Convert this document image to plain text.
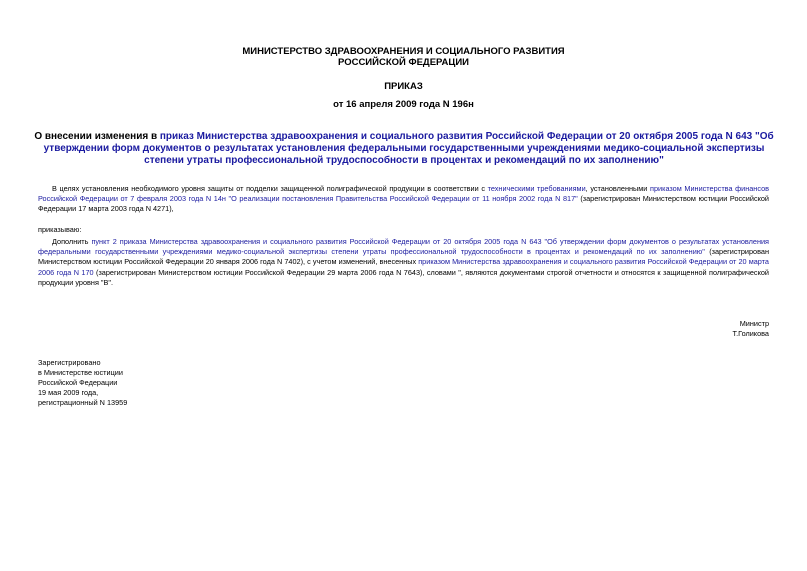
МИНИСТЕРСТВО ЗДРАВООХРАНЕНИЯ И СОЦИАЛЬНОГО РАЗВИТИЯ
РОССИЙСКОЙ ФЕДЕРАЦИИ
ПРИКАЗ
от 16 апреля 2009 года N 196н
О внесении изменения в приказ Министерства здравоохранения и социального развития Российской Федерации от 20 октября 2005 года N 643 "Об утверждении форм документов о результатах установления федеральными государственными учреждениями медико-социальной экспертизы степени утраты профессиональной трудоспособности в процентах и рекомендаций по их заполнению"
В целях установления необходимого уровня защиты от подделки защищенной полиграфической продукции в соответствии с техническими требованиями, установленными приказом Министерства финансов Российской Федерации от 7 февраля 2003 года N 14н "О реализации постановления Правительства Российской Федерации от 11 ноября 2002 года N 817" (зарегистрирован Министерством юстиции Российской Федерации 17 марта 2003 года N 4271),
приказываю:
Дополнить пункт 2 приказа Министерства здравоохранения и социального развития Российской Федерации от 20 октября 2005 года N 643 "Об утверждении форм документов о результатах установления федеральными государственными учреждениями медико-социальной экспертизы степени утраты профессиональной трудоспособности в процентах и рекомендаций по их заполнению" (зарегистрирован Министерством юстиции Российской Федерации 20 января 2006 года N 7402), с учетом изменений, внесенных приказом Министерства здравоохранения и социального развития Российской Федерации от 20 марта 2006 года N 170 (зарегистрирован Министерством юстиции Российской Федерации 29 марта 2006 года N 7643), словами ", являются документами строгой отчетности и относятся к защищенной полиграфической продукции уровня "В".
Министр
Т.Голикова
Зарегистрировано
в Министерстве юстиции
Российской Федерации
19 мая 2009 года,
регистрационный N 13959
